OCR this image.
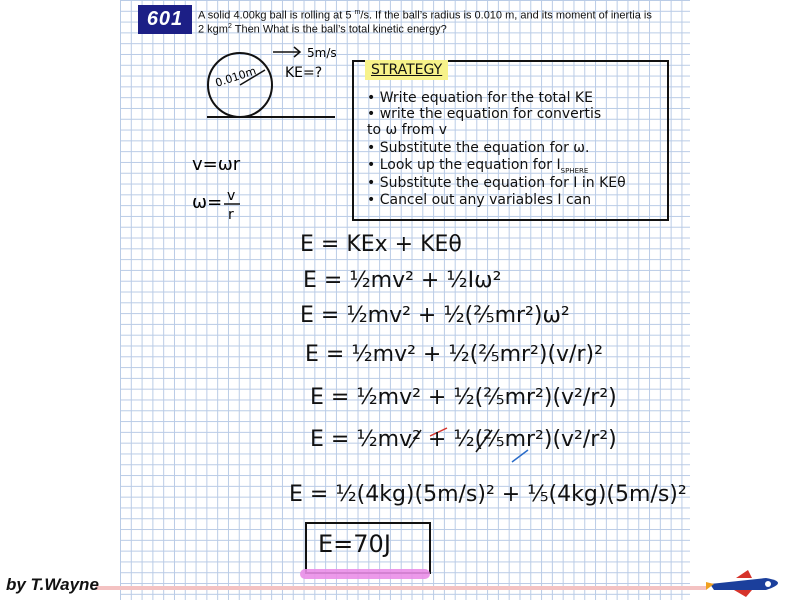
601	A solid 4.00kg ball is rolling at 5 $^m$/s. If the ball’s radius is 0.010 m, and its moment of inertia is
2 kgm$^2$ Then What is the ball’s total kinetic energy?
0.010m
5m/s
KE=?
v=ωr
ω= v
r
STRATEGY
• Write equation for the total KE
• write the equation for convertis
to ω from v
• Substitute the equation for ω.
• Look up the equation for $I_{SPHERE}$
• Substitute the equation for I in KEθ
• Cancel out any variables I can
E = KEx + KEθ
E = ½mv² + ½Iω²
E = ½mv² + ½(⅖mr²)ω²
E = ½mv² + ½(⅖mr²)(v/r)²
E = ½mv² + ½(⅖mr²)(v²/r²)
E = ½mv² + ½(⅖mr²)(v²/r²)
E = ½(4kg)(5m/s)² + ⅕(4kg)(5m/s)²
E=70J
by T.Wayne
